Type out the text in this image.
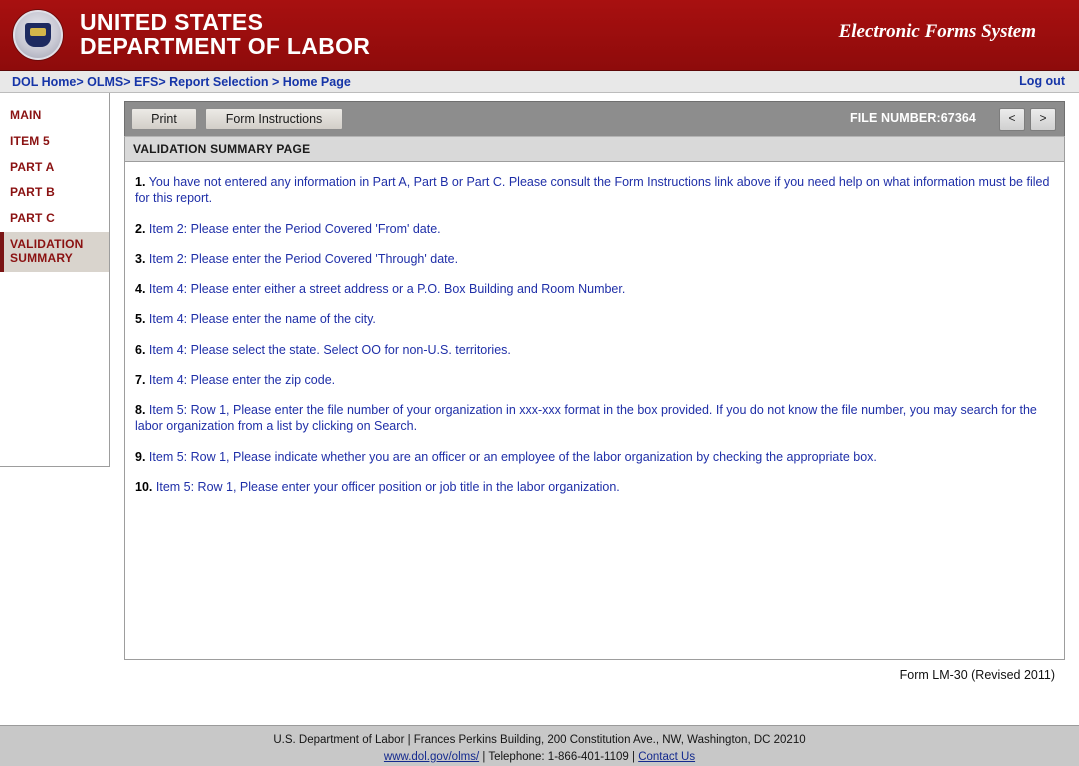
UNITED STATES
DEPARTMENT OF LABOR
Electronic Forms System
DOL Home > OLMS > EFS > Report Selection > Home Page	Log out
MAIN
ITEM 5
PART A
PART B
PART C
VALIDATION SUMMARY
Print	Form Instructions	FILE NUMBER:67364	<	>
VALIDATION SUMMARY PAGE
1. You have not entered any information in Part A, Part B or Part C. Please consult the Form Instructions link above if you need help on what information must be filed for this report.
2. Item 2: Please enter the Period Covered 'From' date.
3. Item 2: Please enter the Period Covered 'Through' date.
4. Item 4: Please enter either a street address or a P.O. Box Building and Room Number.
5. Item 4: Please enter the name of the city.
6. Item 4: Please select the state. Select OO for non-U.S. territories.
7. Item 4: Please enter the zip code.
8. Item 5: Row 1, Please enter the file number of your organization in xxx-xxx format in the box provided. If you do not know the file number, you may search for the labor organization from a list by clicking on Search.
9. Item 5: Row 1, Please indicate whether you are an officer or an employee of the labor organization by checking the appropriate box.
10. Item 5: Row 1, Please enter your officer position or job title in the labor organization.
Form LM-30 (Revised 2011)
U.S. Department of Labor | Frances Perkins Building, 200 Constitution Ave., NW, Washington, DC 20210
www.dol.gov/olms/ | Telephone: 1-866-401-1109 | Contact Us
